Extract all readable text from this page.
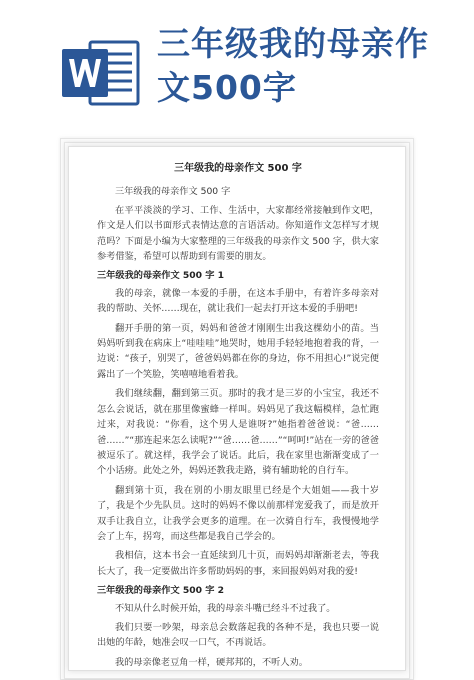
三年级我的母亲作
文500字
三年级我的母亲作文 500 字
三年级我的母亲作文 500 字
在平平淡淡的学习、工作、生活中，大家都经常接触到作文吧，作文是人们以书面形式表情达意的言语活动。你知道作文怎样写才规范吗？下面是小编为大家整理的三年级我的母亲作文 500 字，供大家参考借鉴，希望可以帮助到有需要的朋友。
三年级我的母亲作文 500 字 1
我的母亲，就像一本爱的手册，在这本手册中，有着许多母亲对我的帮助、关怀……现在，就让我们一起去打开这本爱的手册吧!
翻开手册的第一页，妈妈和爸爸才刚刚生出我这棵幼小的苗。当妈妈听到我在病床上“哇哇哇”地哭时，她用手轻轻地抱着我的背，一边说：“孩子，别哭了，爸爸妈妈都在你的身边，你不用担心!”说完便露出了一个笑脸，笑嘻嘻地看着我。
我们继续翻，翻到第三页。那时的我才是三岁的小宝宝，我还不怎么会说话，就在那里像蜜蜂一样叫。妈妈见了我这幅模样，急忙跑过来，对我说：“你看，这个男人是谁呀?”她指着爸爸说：“爸……爸……”“那连起来怎么读呢?”“爸……爸……”“呵呵!”站在一旁的爸爸被逗乐了。就这样，我学会了说话。此后，我在家里也渐渐变成了一个小话痨。此处之外，妈妈还教我走路，骑有辅助轮的自行车。
翻到第十页，我在别的小朋友眼里已经是个大姐姐——我十岁了，我是个少先队员。这时的妈妈不像以前那样宠爱我了，而是放开双手让我自立，让我学会更多的道理。在一次骑自行车，我慢慢地学会了上车，拐弯，而这些都是我自己学会的。
我相信，这本书会一直延续到几十页，而妈妈却渐渐老去，等我长大了，我一定要做出许多帮助妈妈的事，来回报妈妈对我的爱!
三年级我的母亲作文 500 字 2
不知从什么时候开始，我的母亲斗嘴已经斗不过我了。
我们只要一吵架，母亲总会数落起我的各种不是，我也只要一说出她的年龄，她准会叹一口气，不再说话。
我的母亲像老豆角一样，硬邦邦的，不听人劝。
